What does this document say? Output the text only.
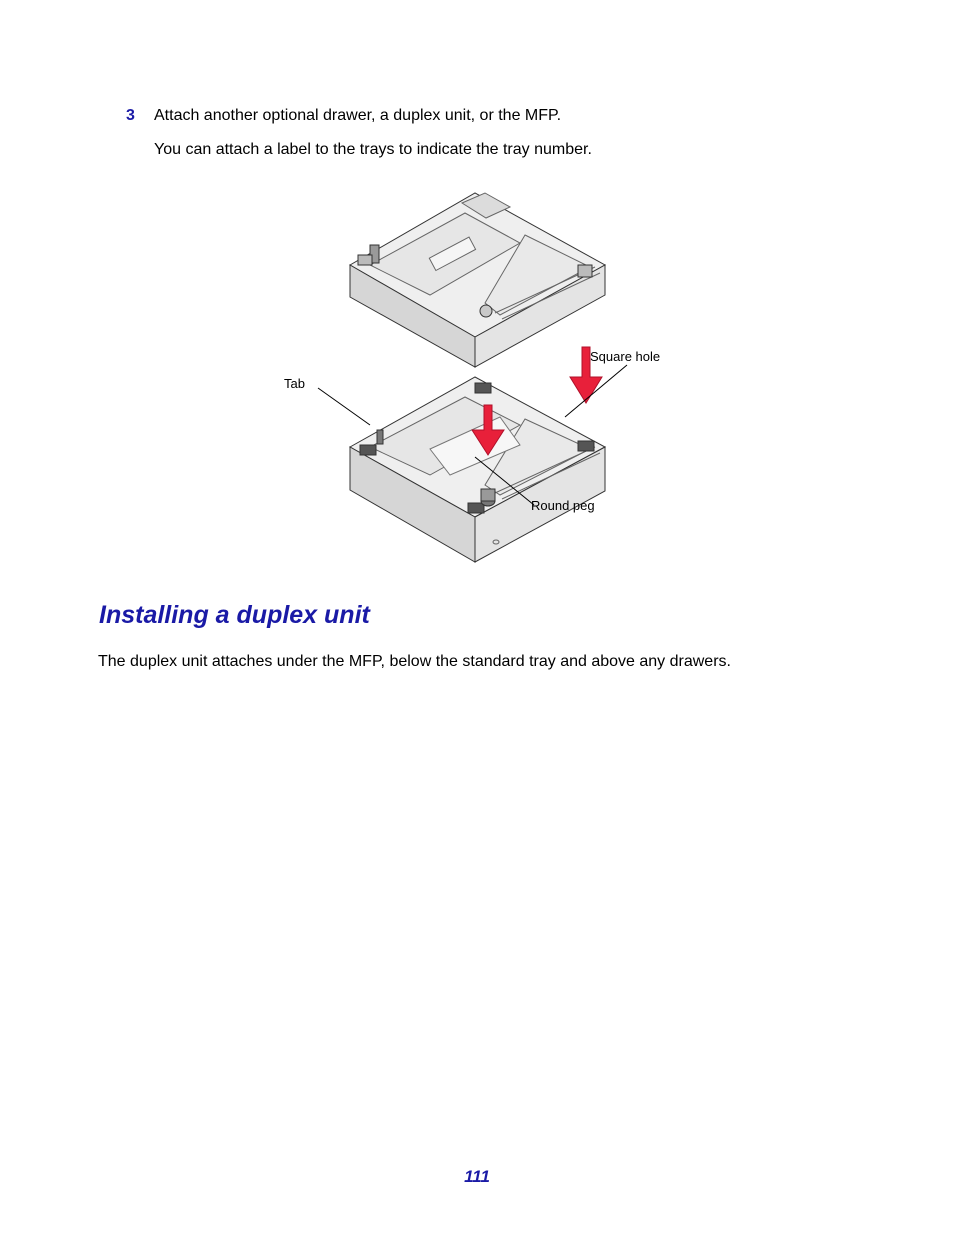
3 Attach another optional drawer, a duplex unit, or the MFP.
You can attach a label to the trays to indicate the tray number.
Square hole
Tab
Round peg
Installing a duplex unit

The duplex unit attaches under the MFP, below the standard tray and above any drawers.

111
